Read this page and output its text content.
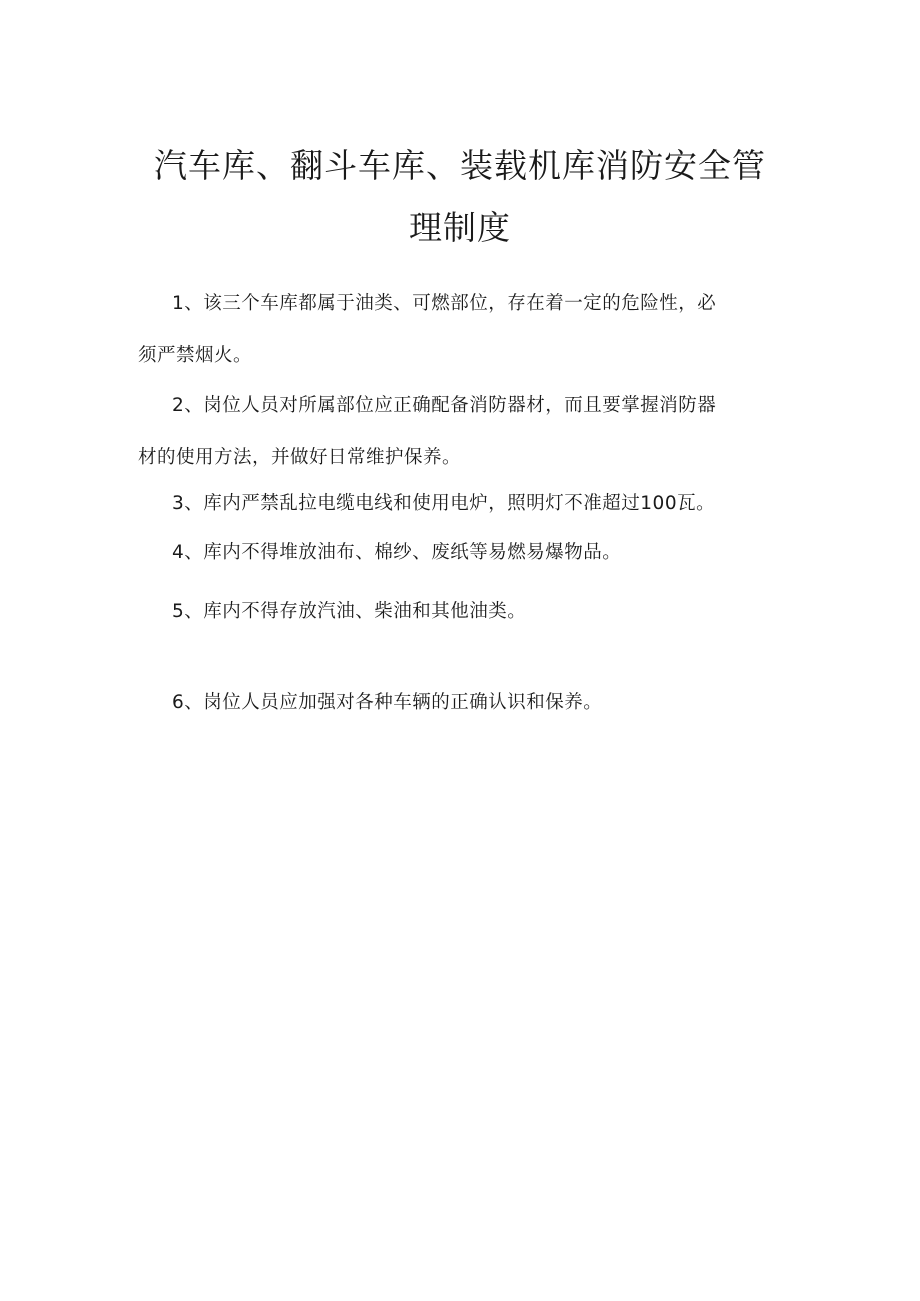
汽车库、翻斗车库、装载机库消防安全管
理制度

1、该三个车库都属于油类、可燃部位，存在着一定的危险性，必
须严禁烟火。

2、岗位人员对所属部位应正确配备消防器材，而且要掌握消防器
材的使用方法，并做好日常维护保养。

3、库内严禁乱拉电缆电线和使用电炉，照明灯不准超过100瓦。

4、库内不得堆放油布、棉纱、废纸等易燃易爆物品。

5、库内不得存放汽油、柴油和其他油类。

6、岗位人员应加强对各种车辆的正确认识和保养。
